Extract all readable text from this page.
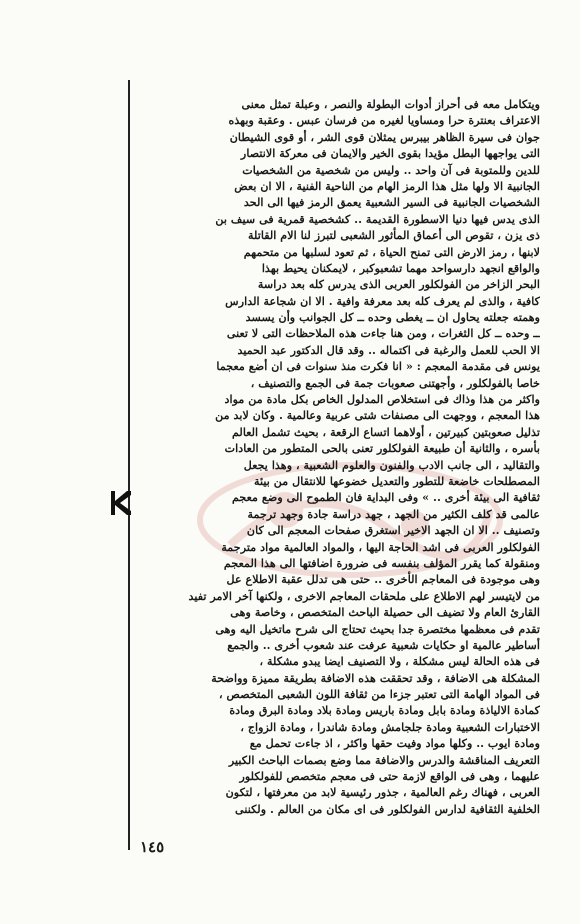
ويتكامل معه فى أحراز أدوات البطولة والنصر ، وعبلة تمثل معنى
الاعتراف بعنترة حرا ومساويا لغيره من فرسان عبس . وعقبة وبهذه
جوان فى سيرة الظاهر بيبرس يمثلان قوى الشر ، أو قوى الشيطان
التى يواجهها البطل مؤيدا بقوى الخير والايمان فى معركة الانتصار
للدين وللمتوبة فى آن واحد .. وليس من شخصية من الشخصيات
الجانبية الا ولها مثل هذا الرمز الهام من الناحية الفنية ، الا ان بعض
الشخصيات الجانبية فى السير الشعبية يعمق الرمز فيها الى الحد
الذى يدس فيها دنيا الاسطورة القديمة .. كشخصية قمرية فى سيف بن
ذى يزن ، تقوص الى أعماق المأثور الشعبى لتبرز لنا الام القاتلة
لابنها ، رمز الارض التى تمنح الحياة ، ثم تعود لسلبها من متحمهم
والواقع انجهد دارسواحد مهما تشعبوكبر ، لايمكنان يحيط بهذا
البحر الزاخر من الفولكلور العربى الذى يدرس كله بعد دراسة
كافية ، والذى لم يعرف كله بعد معرفة وافية . الا ان شجاعة الدارس
وهمته جعلته يحاول ان ــ يغطى وحده ــ كل الجوانب وأن يسسد
ــ وحده ــ كل الثغرات ، ومن هنا جاءت هذه الملاحظات التى لا تعنى
الا الحب للعمل والرغبة فى اكتماله .. وقد قال الدكتور عبد الحميد
يونس فى مقدمة المعجم : « انا فكرت منذ سنوات فى ان أضع معجما
خاصا بالفولكلور ، وأجهتنى صعوبات جمة فى الجمع والتصنيف ،
واكثر من هذا وذاك فى استخلاص المدلول الخاص بكل مادة من مواد
هذا المعجم ، ووجهت الى مصنفات شتى عربية وعالمية . وكان لابد من
تذليل صعوبتين كبيرتين ، أولاهما اتساع الرقعة ، بحيث تشمل العالم
بأسره ، والثانية أن طبيعة الفولكلور تعنى بالحى المتطور من العادات
والتقاليد ، الى جانب الادب والفنون والعلوم الشعبية ، وهذا يجعل
المصطلحات خاضعة للتطور والتعديل خضوعها للانتقال من بيئة
ثقافية الى بيئة أخرى .. » وفى البداية فان الطموح الى وضع معجم
عالمى قد كلف الكثير من الجهد ، جهد دراسة جادة وجهد ترجمة
وتصنيف .. الا ان الجهد الاخير استغرق صفحات المعجم الى كان
الفولكلور العربى فى اشد الحاجة اليها ، والمواد العالمية مواد مترجمة
ومنقولة كما يقرر المؤلف بنفسه فى ضرورة اضافتها الى هذا المعجم
وهى موجودة فى المعاجم الأخرى .. حتى هى تدلل عقبة الاطلاع عل
من لايتيسر لهم الاطلاع على ملحقات المعاجم الاخرى ، ولكنها آخر الامر تفيد
القارئ العام ولا تضيف الى حصيلة الباحث المتخصص ، وخاصة وهى
تقدم فى معظمها مختصرة جدا بحيث تحتاج الى شرح ماتخيل اليه وهى
أساطير عالمية او حكايات شعبية عرفت عند شعوب أخرى .. والجمع
فى هذه الحالة ليس مشكلة ، ولا التصنيف ايضا يبدو مشكلة ،
المشكلة هى الاضافة ، وقد تحققت هذه الاضافة بطريقة مميزة وواضحة
فى المواد الهامة التى تعتبر جزءا من ثقافة اللون الشعبى المتخصص ،
كمادة الالياذة ومادة بابل ومادة باريس ومادة بلاد ومادة البرق ومادة
الاختبارات الشعبية ومادة جلجامش ومادة شاندرا ، ومادة الزواج ،
ومادة ايوب .. وكلها مواد وفيت حقها واكثر ، اذ جاءت تحمل مع
التعريف المناقشة والدرس والاضافة مما وضع بصمات الباحث الكبير
عليهما ، وهى فى الواقع لازمة حتى فى معجم متخصص للفولكلور
العربى ، فهناك رغم العالمية ، جذور رئيسية لابد من معرفتها ، لتكون
الخلفية الثقافية لدارس الفولكلور فى اى مكان من العالم . ولكننى
١٤٥
